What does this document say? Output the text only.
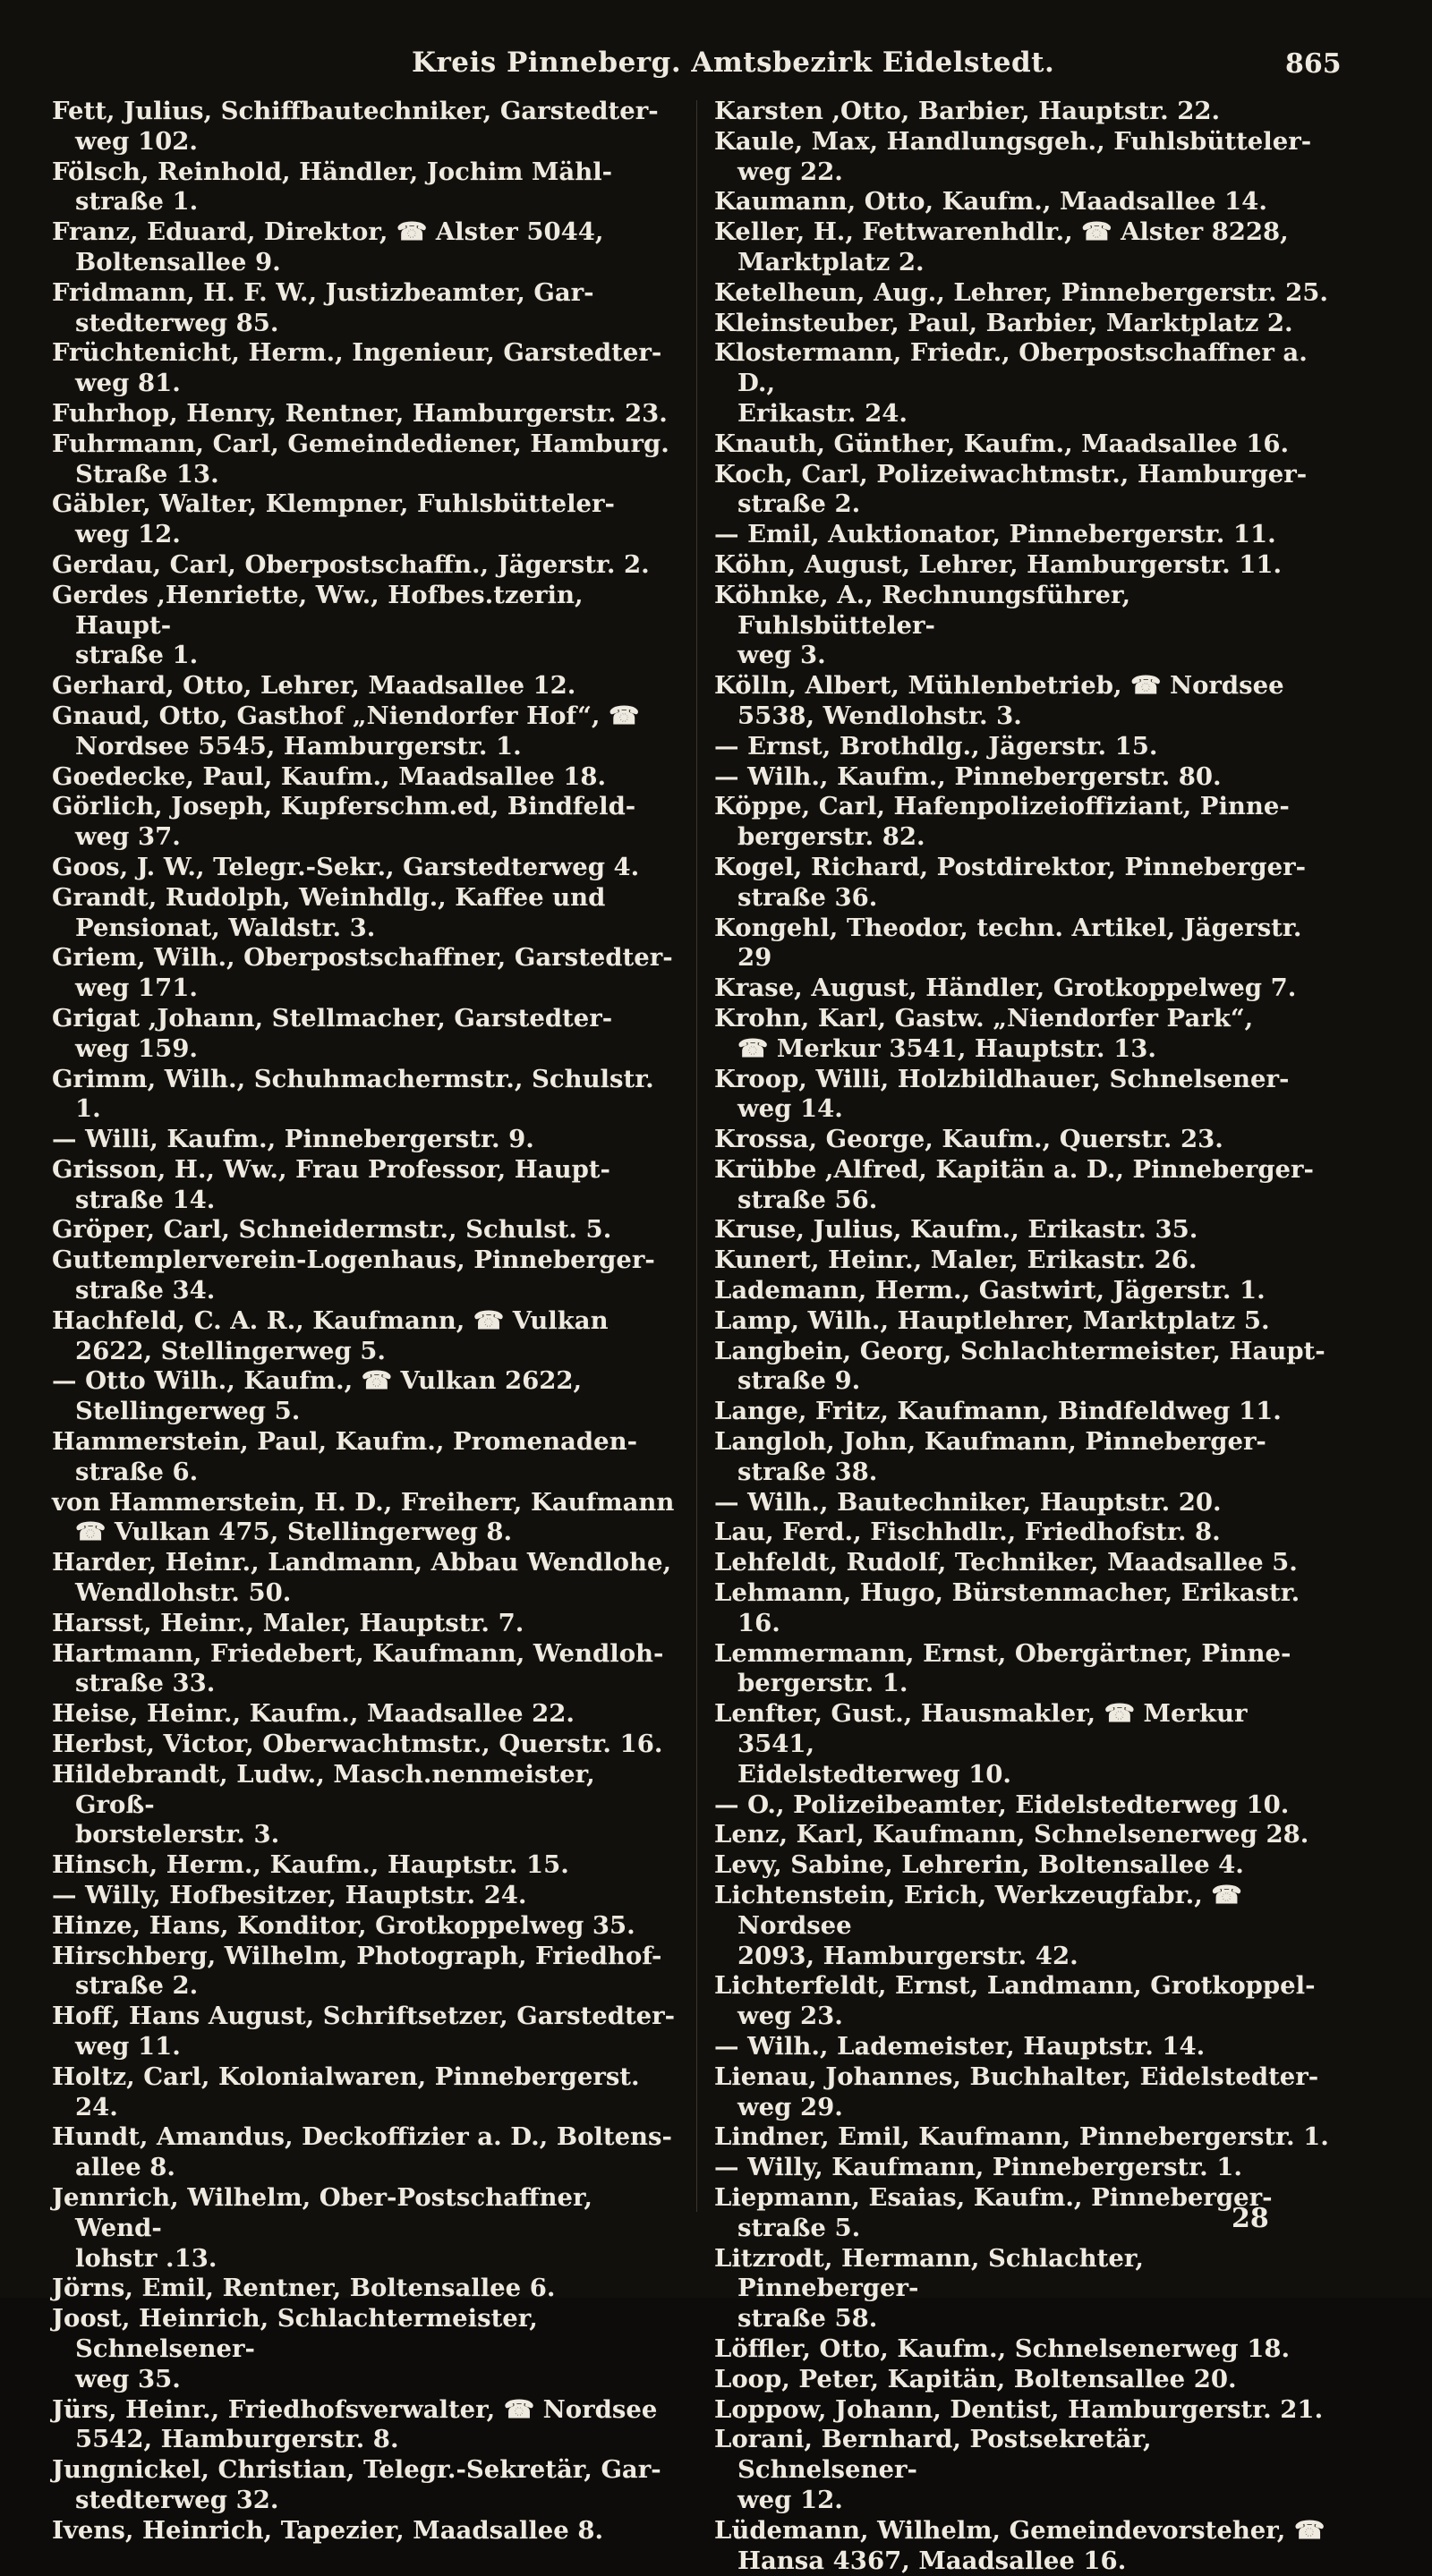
Kreis Pinneberg. Amtsbezirk Eidelstedt.	865

Fett, Julius, Schiffbautechniker, Garstedter-
weg 102.

Fölsch, Reinhold, Händler, Jochim Mähl-
straße 1.

Franz, Eduard, Direktor, ☎ Alster 5044,
Boltensallee 9.

Fridmann, H. F. W., Justizbeamter, Gar-
stedterweg 85.

Früchtenicht, Herm., Ingenieur, Garstedter-
weg 81.

Fuhrhop, Henry, Rentner, Hamburgerstr. 23.

Fuhrmann, Carl, Gemeindediener, Hamburg.
Straße 13.

Gäbler, Walter, Klempner, Fuhlsbütteler-
weg 12.

Gerdau, Carl, Oberpostschaffn., Jägerstr. 2.

Gerdes ,Henriette, Ww., Hofbes.tzerin, Haupt-
straße 1.

Gerhard, Otto, Lehrer, Maadsallee 12.

Gnaud, Otto, Gasthof „Niendorfer Hof“, ☎
Nordsee 5545, Hamburgerstr. 1.

Goedecke, Paul, Kaufm., Maadsallee 18.

Görlich, Joseph, Kupferschm.ed, Bindfeld-
weg 37.

Goos, J. W., Telegr.-Sekr., Garstedterweg 4.

Grandt, Rudolph, Weinhdlg., Kaffee und
Pensionat, Waldstr. 3.

Griem, Wilh., Oberpostschaffner, Garstedter-
weg 171.

Grigat ,Johann, Stellmacher, Garstedter-
weg 159.

Grimm, Wilh., Schuhmachermstr., Schulstr. 1.

— Willi, Kaufm., Pinnebergerstr. 9.

Grisson, H., Ww., Frau Professor, Haupt-
straße 14.

Gröper, Carl, Schneidermstr., Schulst. 5.

Guttemplerverein-Logenhaus, Pinneberger-
straße 34.

Hachfeld, C. A. R., Kaufmann, ☎ Vulkan
2622, Stellingerweg 5.

— Otto Wilh., Kaufm., ☎ Vulkan 2622,
Stellingerweg 5.

Hammerstein, Paul, Kaufm., Promenaden-
straße 6.

von Hammerstein, H. D., Freiherr, Kaufmann
☎ Vulkan 475, Stellingerweg 8.

Harder, Heinr., Landmann, Abbau Wendlohe,
Wendlohstr. 50.

Harsst, Heinr., Maler, Hauptstr. 7.

Hartmann, Friedebert, Kaufmann, Wendloh-
straße 33.

Heise, Heinr., Kaufm., Maadsallee 22.

Herbst, Victor, Oberwachtmstr., Querstr. 16.

Hildebrandt, Ludw., Masch.nenmeister, Groß-
borstelerstr. 3.

Hinsch, Herm., Kaufm., Hauptstr. 15.

— Willy, Hofbesitzer, Hauptstr. 24.

Hinze, Hans, Konditor, Grotkoppelweg 35.

Hirschberg, Wilhelm, Photograph, Friedhof-
straße 2.

Hoff, Hans August, Schriftsetzer, Garstedter-
weg 11.

Holtz, Carl, Kolonialwaren, Pinnebergerst. 24.

Hundt, Amandus, Deckoffizier a. D., Boltens-
allee 8.

Jennrich, Wilhelm, Ober-Postschaffner, Wend-
lohstr .13.

Jörns, Emil, Rentner, Boltensallee 6.

Joost, Heinrich, Schlachtermeister, Schnelsener-
weg 35.

Jürs, Heinr., Friedhofsverwalter, ☎ Nordsee
5542, Hamburgerstr. 8.

Jungnickel, Christian, Telegr.-Sekretär, Gar-
stedterweg 32.

Ivens, Heinrich, Tapezier, Maadsallee 8.

Karsten ,Otto, Barbier, Hauptstr. 22.

Kaule, Max, Handlungsgeh., Fuhlsbütteler-
weg 22.

Kaumann, Otto, Kaufm., Maadsallee 14.

Keller, H., Fettwarenhdlr., ☎ Alster 8228,
Marktplatz 2.

Ketelheun, Aug., Lehrer, Pinnebergerstr. 25.

Kleinsteuber, Paul, Barbier, Marktplatz 2.

Klostermann, Friedr., Oberpostschaffner a. D.,
Erikastr. 24.

Knauth, Günther, Kaufm., Maadsallee 16.

Koch, Carl, Polizeiwachtmstr., Hamburger-
straße 2.

— Emil, Auktionator, Pinnebergerstr. 11.

Köhn, August, Lehrer, Hamburgerstr. 11.

Köhnke, A., Rechnungsführer, Fuhlsbütteler-
weg 3.

Kölln, Albert, Mühlenbetrieb, ☎ Nordsee
5538, Wendlohstr. 3.

— Ernst, Brothdlg., Jägerstr. 15.

— Wilh., Kaufm., Pinnebergerstr. 80.

Köppe, Carl, Hafenpolizeioffiziant, Pinne-
bergerstr. 82.

Kogel, Richard, Postdirektor, Pinneberger-
straße 36.

Kongehl, Theodor, techn. Artikel, Jägerstr. 29

Krase, August, Händler, Grotkoppelweg 7.

Krohn, Karl, Gastw. „Niendorfer Park“,
☎ Merkur 3541, Hauptstr. 13.

Kroop, Willi, Holzbildhauer, Schnelsener-
weg 14.

Krossa, George, Kaufm., Querstr. 23.

Krübbe ,Alfred, Kapitän a. D., Pinneberger-
straße 56.

Kruse, Julius, Kaufm., Erikastr. 35.

Kunert, Heinr., Maler, Erikastr. 26.

Lademann, Herm., Gastwirt, Jägerstr. 1.

Lamp, Wilh., Hauptlehrer, Marktplatz 5.

Langbein, Georg, Schlachtermeister, Haupt-
straße 9.

Lange, Fritz, Kaufmann, Bindfeldweg 11.

Langloh, John, Kaufmann, Pinneberger-
straße 38.

— Wilh., Bautechniker, Hauptstr. 20.

Lau, Ferd., Fischhdlr., Friedhofstr. 8.

Lehfeldt, Rudolf, Techniker, Maadsallee 5.

Lehmann, Hugo, Bürstenmacher, Erikastr. 16.

Lemmermann, Ernst, Obergärtner, Pinne-
bergerstr. 1.

Lenfter, Gust., Hausmakler, ☎ Merkur 3541,
Eidelstedterweg 10.

— O., Polizeibeamter, Eidelstedterweg 10.

Lenz, Karl, Kaufmann, Schnelsenerweg 28.

Levy, Sabine, Lehrerin, Boltensallee 4.

Lichtenstein, Erich, Werkzeugfabr., ☎ Nordsee
2093, Hamburgerstr. 42.

Lichterfeldt, Ernst, Landmann, Grotkoppel-
weg 23.

— Wilh., Lademeister, Hauptstr. 14.

Lienau, Johannes, Buchhalter, Eidelstedter-
weg 29.

Lindner, Emil, Kaufmann, Pinnebergerstr. 1.

— Willy, Kaufmann, Pinnebergerstr. 1.

Liepmann, Esaias, Kaufm., Pinneberger-
straße 5.

Litzrodt, Hermann, Schlachter, Pinneberger-
straße 58.

Löffler, Otto, Kaufm., Schnelsenerweg 18.

Loop, Peter, Kapitän, Boltensallee 20.

Loppow, Johann, Dentist, Hamburgerstr. 21.

Lorani, Bernhard, Postsekretär, Schnelsener-
weg 12.

Lüdemann, Wilhelm, Gemeindevorsteher, ☎
Hansa 4367, Maadsallee 16.

28
